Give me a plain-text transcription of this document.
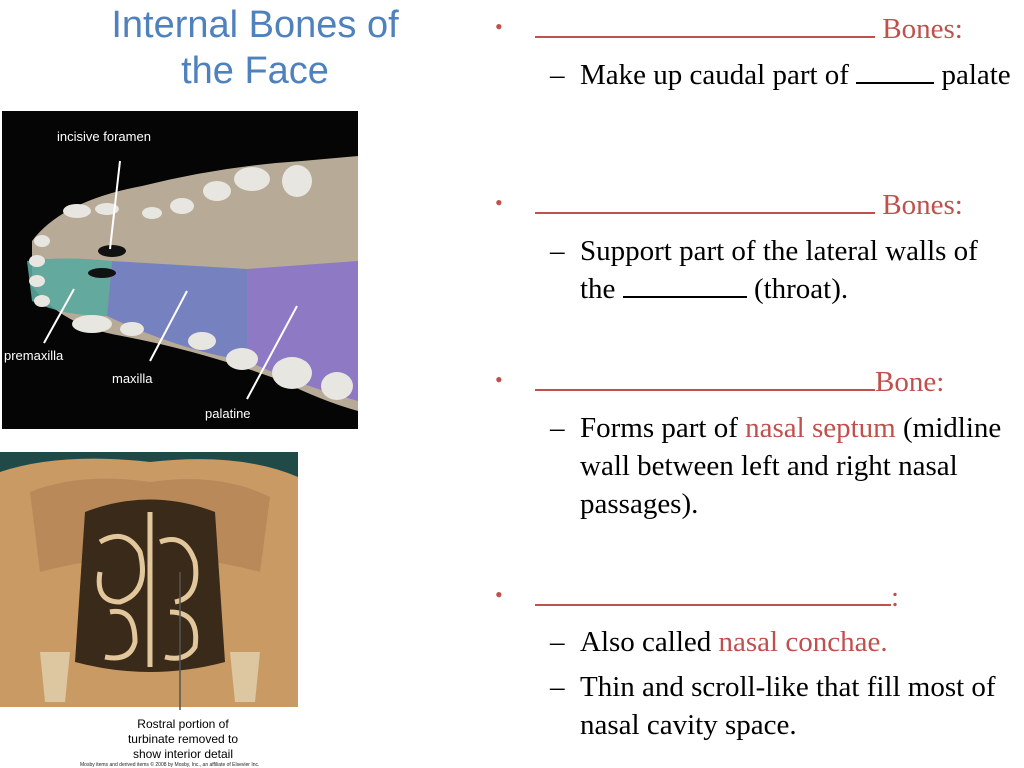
Internal Bones of the Face
incisive foramen
premaxilla
maxilla
palatine
Rostral portion of
turbinate removed to
show interior detail
Mosby items and derived items © 2008 by Mosby, Inc., an affiliate of Elsevier Inc.
•	Bones:
– Make up caudal part of	palate
•	Bones:
– Support part of the lateral walls of the	(throat).
•	Bone:
– Forms part of nasal septum (midline wall between left and right nasal passages).
•	:
– Also called nasal conchae.
– Thin and scroll-like that fill most of nasal cavity space.
